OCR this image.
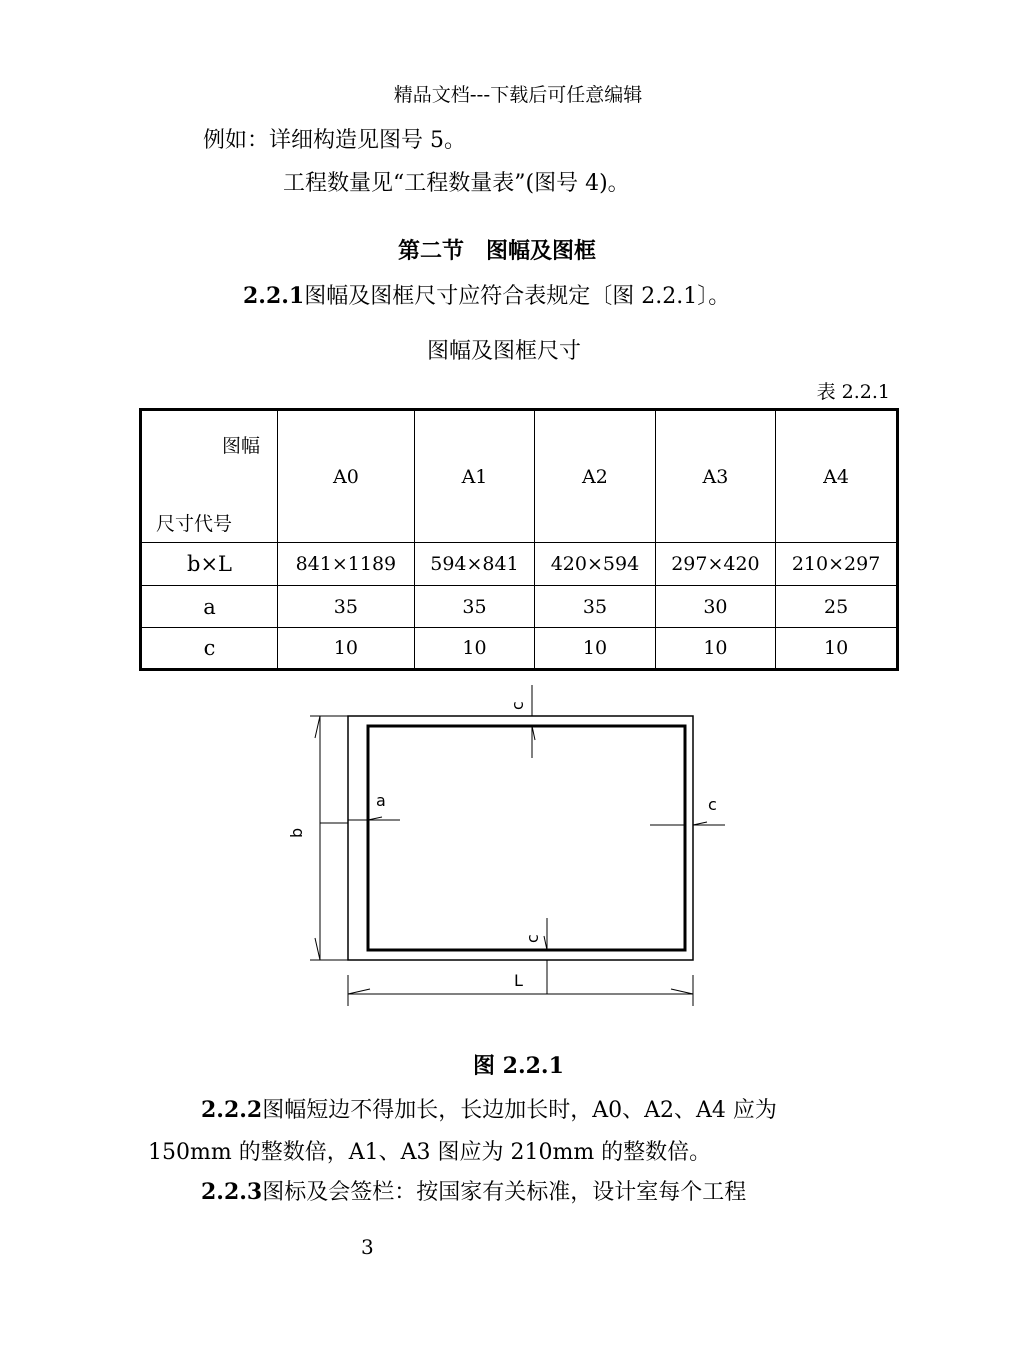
精品文档---下载后可任意编辑
例如：详细构造见图号 5。
工程数量见“工程数量表”(图号 4)。
第二节　图幅及图框
2.2.1图幅及图框尺寸应符合表规定〔图 2.2.1〕。
图幅及图框尺寸
表 2.2.1
图幅
尺寸代号	A0	A1	A2	A3	A4
b×L	841×1189	594×841	420×594	297×420	210×297
a	35	35	35	30	25
c	10	10	10	10	10
b
L
c
c
a
c
图 2.2.1
2.2.2图幅短边不得加长，长边加长时，A0、A2、A4 应为
150mm 的整数倍，A1、A3 图应为 210mm 的整数倍。
2.2.3图标及会签栏：按国家有关标准，设计室每个工程
3
